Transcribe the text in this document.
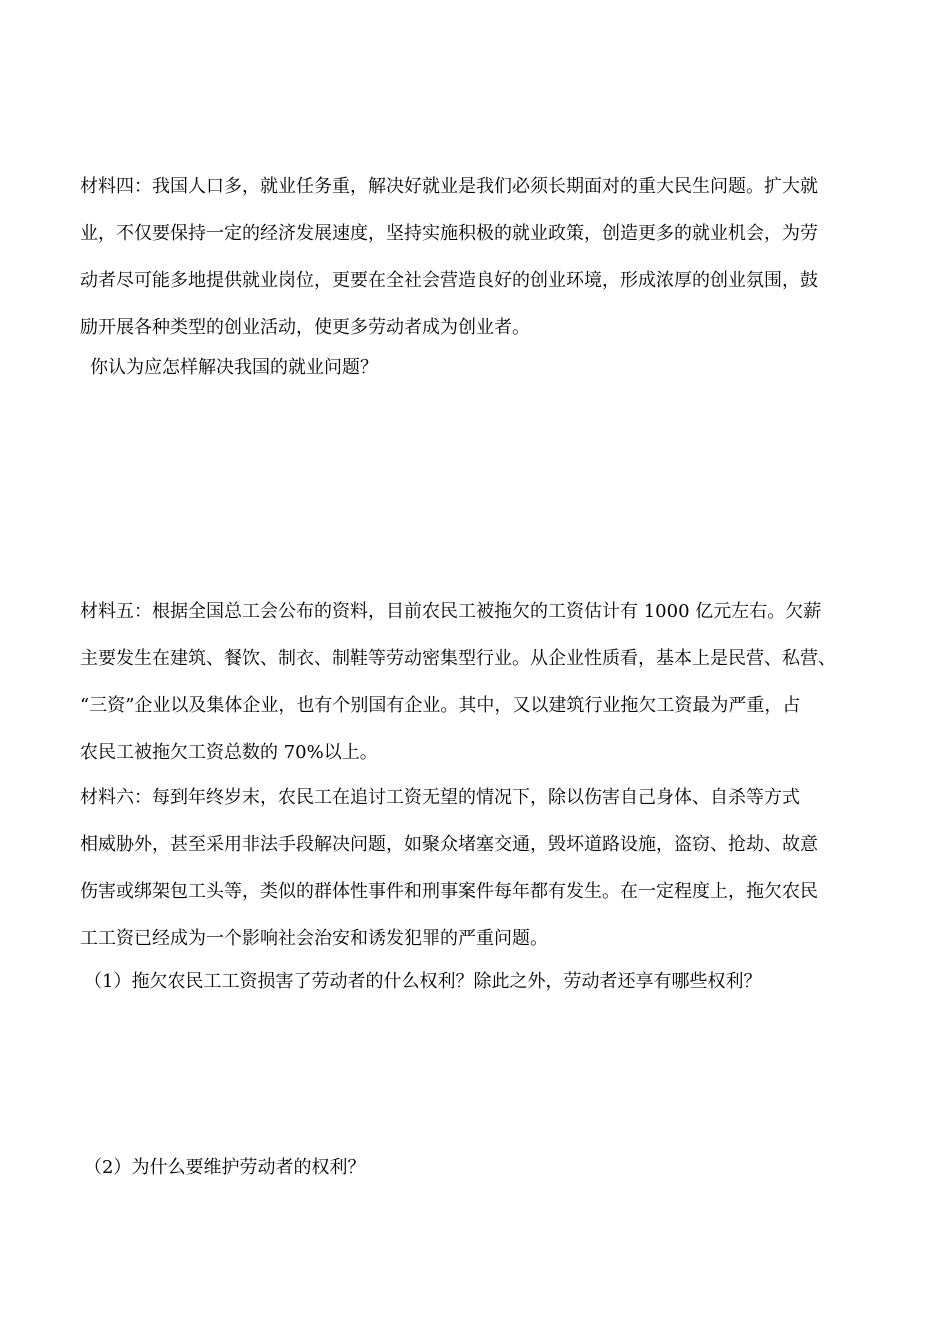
材料四：我国人口多，就业任务重，解决好就业是我们必须长期面对的重大民生问题。扩大就
业，不仅要保持一定的经济发展速度，坚持实施积极的就业政策，创造更多的就业机会，为劳
动者尽可能多地提供就业岗位，更要在全社会营造良好的创业环境，形成浓厚的创业氛围，鼓
励开展各种类型的创业活动，使更多劳动者成为创业者。
你认为应怎样解决我国的就业问题？
材料五：根据全国总工会公布的资料，目前农民工被拖欠的工资估计有 1000 亿元左右。欠薪
主要发生在建筑、餐饮、制衣、制鞋等劳动密集型行业。从企业性质看，基本上是民营、私营、
“三资”企业以及集体企业，也有个别国有企业。其中，又以建筑行业拖欠工资最为严重，占
农民工被拖欠工资总数的 70%以上。
材料六：每到年终岁末，农民工在追讨工资无望的情况下，除以伤害自己身体、自杀等方式
相威胁外，甚至采用非法手段解决问题，如聚众堵塞交通，毁坏道路设施，盗窃、抢劫、故意
伤害或绑架包工头等，类似的群体性事件和刑事案件每年都有发生。在一定程度上，拖欠农民
工工资已经成为一个影响社会治安和诱发犯罪的严重问题。
（1）拖欠农民工工资损害了劳动者的什么权利？除此之外，劳动者还享有哪些权利？
（2）为什么要维护劳动者的权利？
